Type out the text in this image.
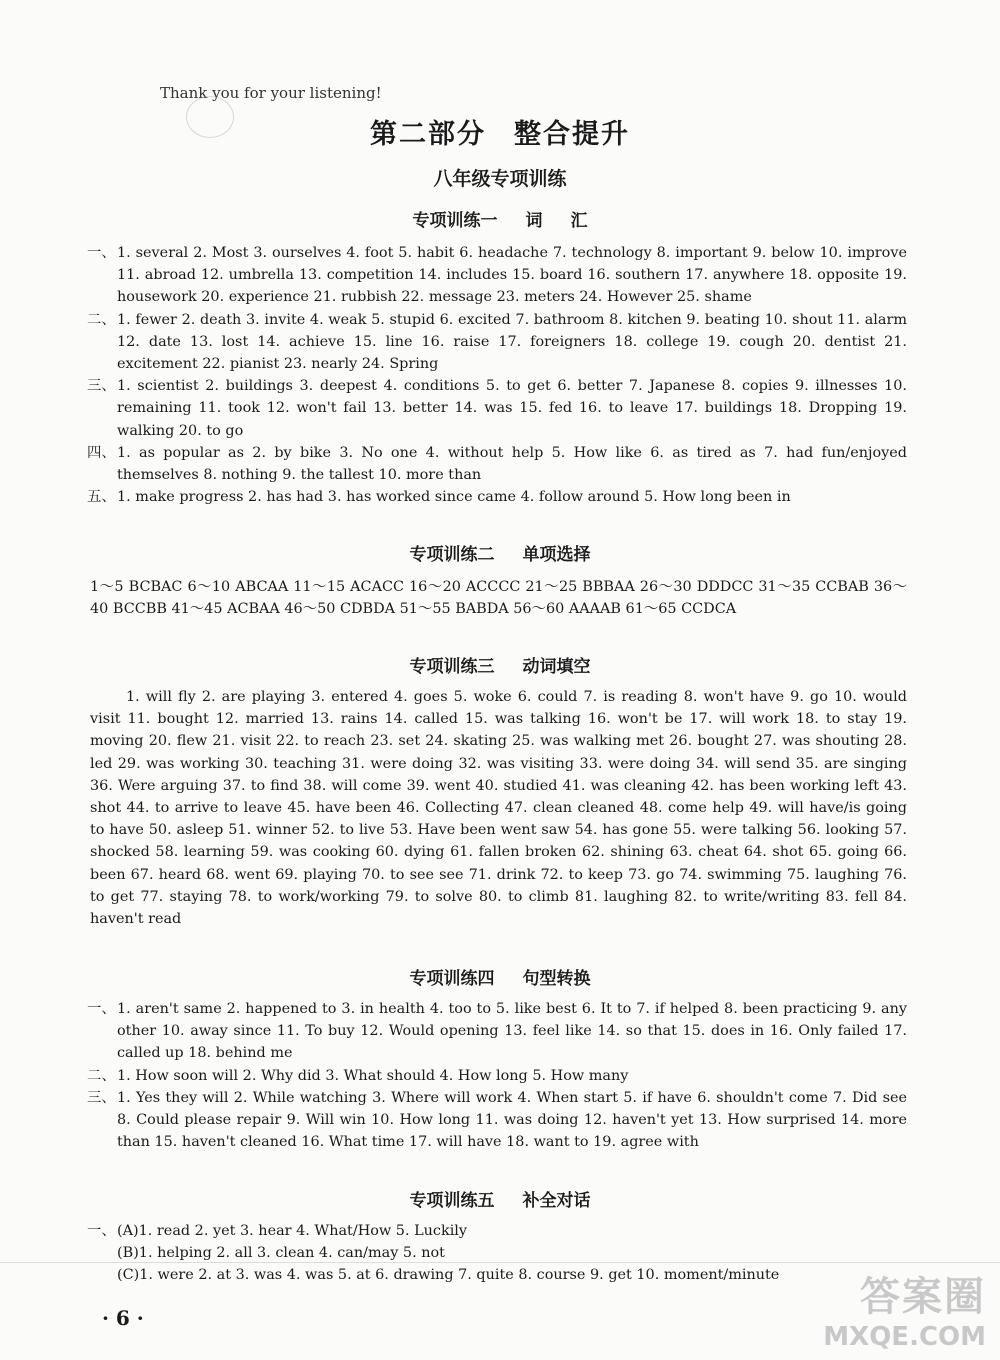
Thank you for your listening!
第二部分 整合提升
八年级专项训练
专项训练一 词 汇

一、 1. several 2. Most 3. ourselves 4. foot 5. habit 6. headache 7. technology 8. important 9. below 10. improve 11. abroad 12. umbrella 13. competition 14. includes 15. board 16. southern 17. anywhere 18. opposite 19. housework 20. experience 21. rubbish 22. message 23. meters 24. However 25. shame

二、 1. fewer 2. death 3. invite 4. weak 5. stupid 6. excited 7. bathroom 8. kitchen 9. beating 10. shout 11. alarm 12. date 13. lost 14. achieve 15. line 16. raise 17. foreigners 18. college 19. cough 20. dentist 21. excitement 22. pianist 23. nearly 24. Spring

三、 1. scientist 2. buildings 3. deepest 4. conditions 5. to get 6. better 7. Japanese 8. copies 9. illnesses 10. remaining 11. took 12. won't fail 13. better 14. was 15. fed 16. to leave 17. buildings 18. Dropping 19. walking 20. to go

四、 1. as popular as 2. by bike 3. No one 4. without help 5. How like 6. as tired as 7. had fun/enjoyed themselves 8. nothing 9. the tallest 10. more than

五、 1. make progress 2. has had 3. has worked since came 4. follow around 5. How long been in

专项训练二 单项选择

1～5 BCBAC 6～10 ABCAA 11～15 ACACC 16～20 ACCCC 21～25 BBBAA 26～30 DDDCC 31～35 CCBAB 36～40 BCCBB 41～45 ACBAA 46～50 CDBDA 51～55 BABDA 56～60 AAAAB 61～65 CCDCA

专项训练三 动词填空

1. will fly 2. are playing 3. entered 4. goes 5. woke 6. could 7. is reading 8. won't have 9. go 10. would visit 11. bought 12. married 13. rains 14. called 15. was talking 16. won't be 17. will work 18. to stay 19. moving 20. flew 21. visit 22. to reach 23. set 24. skating 25. was walking met 26. bought 27. was shouting 28. led 29. was working 30. teaching 31. were doing 32. was visiting 33. were doing 34. will send 35. are singing 36. Were arguing 37. to find 38. will come 39. went 40. studied 41. was cleaning 42. has been working left 43. shot 44. to arrive to leave 45. have been 46. Collecting 47. clean cleaned 48. come help 49. will have/is going to have 50. asleep 51. winner 52. to live 53. Have been went saw 54. has gone 55. were talking 56. looking 57. shocked 58. learning 59. was cooking 60. dying 61. fallen broken 62. shining 63. cheat 64. shot 65. going 66. been 67. heard 68. went 69. playing 70. to see see 71. drink 72. to keep 73. go 74. swimming 75. laughing 76. to get 77. staying 78. to work/working 79. to solve 80. to climb 81. laughing 82. to write/writing 83. fell 84. haven't read

专项训练四 句型转换

一、 1. aren't same 2. happened to 3. in health 4. too to 5. like best 6. It to 7. if helped 8. been practicing 9. any other 10. away since 11. To buy 12. Would opening 13. feel like 14. so that 15. does in 16. Only failed 17. called up 18. behind me

二、 1. How soon will 2. Why did 3. What should 4. How long 5. How many

三、 1. Yes they will 2. While watching 3. Where will work 4. When start 5. if have 6. shouldn't come 7. Did see 8. Could please repair 9. Will win 10. How long 11. was doing 12. haven't yet 13. How surprised 14. more than 15. haven't cleaned 16. What time 17. will have 18. want to 19. agree with

专项训练五 补全对话

一、 (A)1. read 2. yet 3. hear 4. What/How 5. Luckily

(B)1. helping 2. all 3. clean 4. can/may 5. not

(C)1. were 2. at 3. was 4. was 5. at 6. drawing 7. quite 8. course 9. get 10. moment/minute

· 6 ·	答案圈
MXQE.COM
